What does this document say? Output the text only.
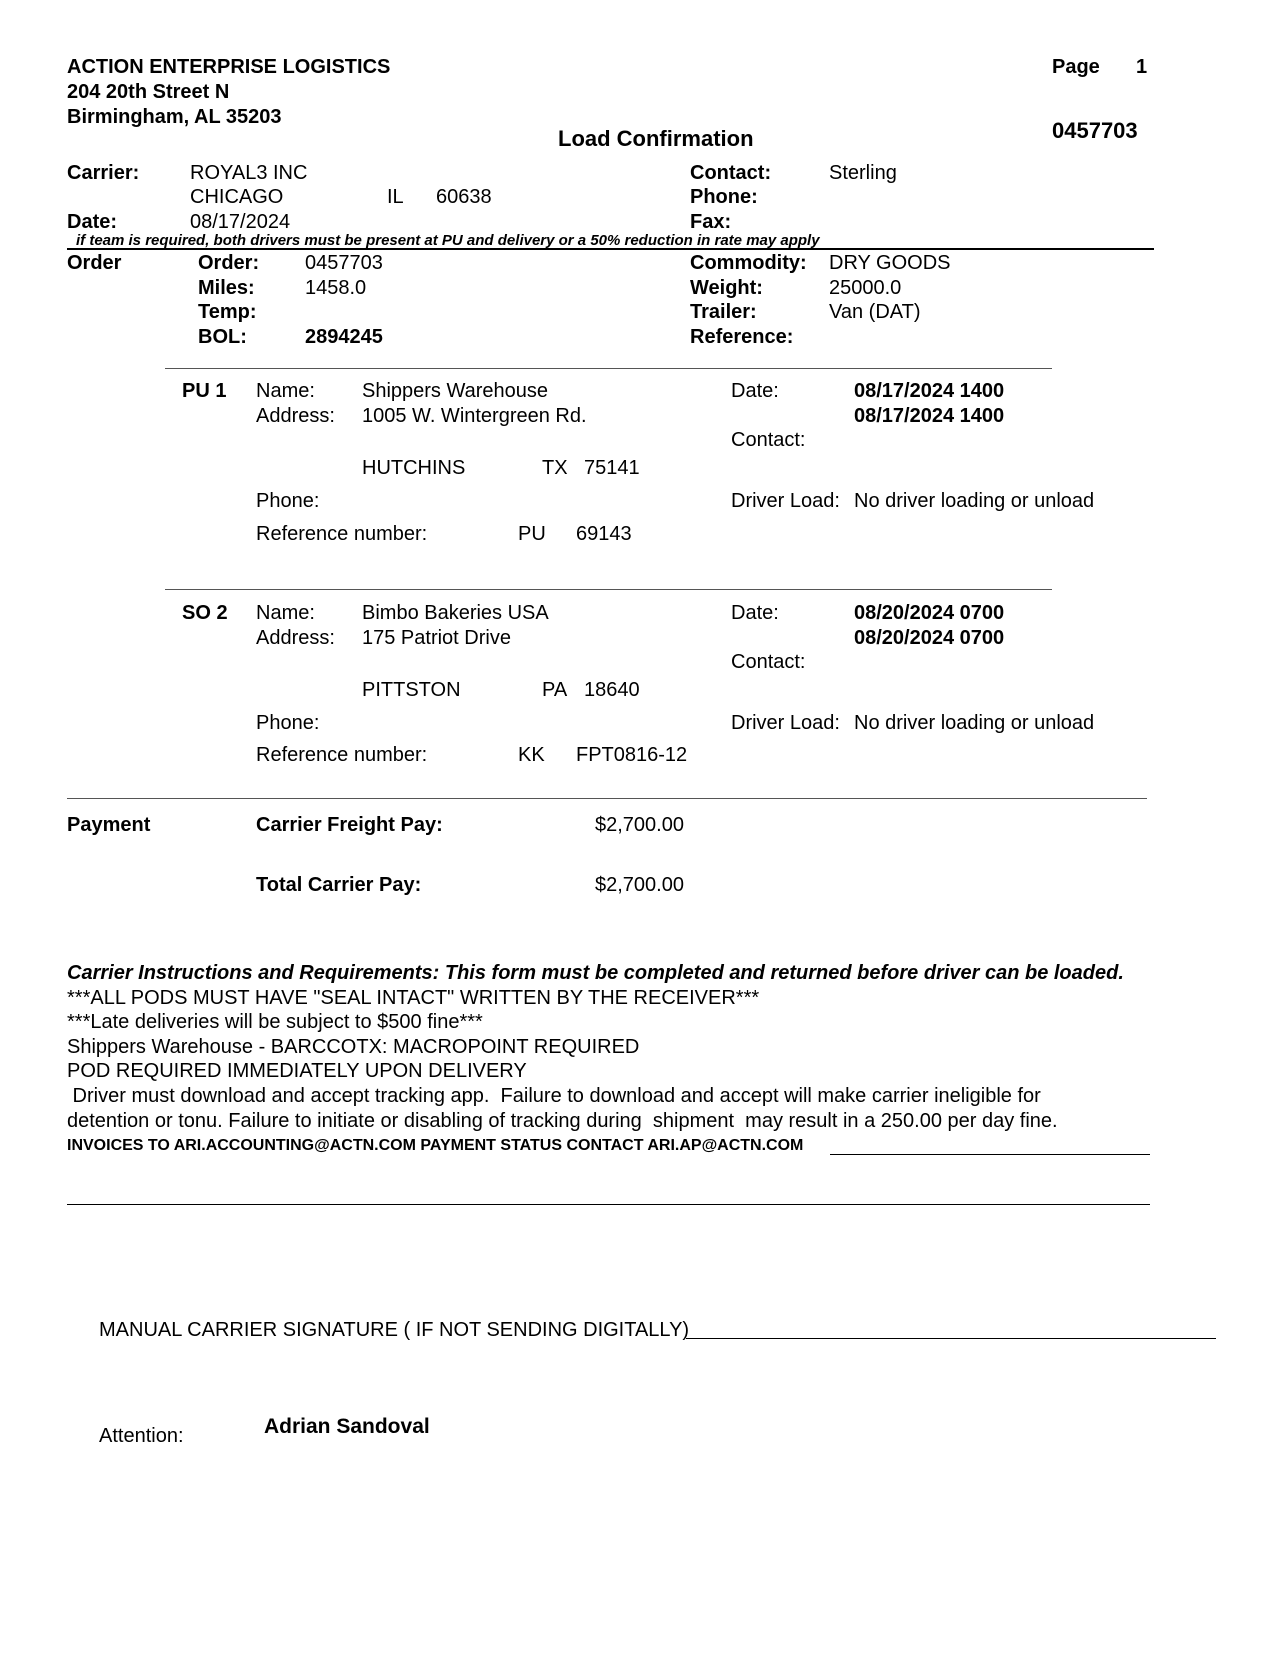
ACTION ENTERPRISE LOGISTICS
204 20th Street N
Birmingham, AL 35203
Page 1
Load Confirmation	0457703
Carrier:	ROYAL3 INC
CHICAGO	IL 60638
Date:	08/17/2024
Contact:	Sterling
Phone:
Fax:
if team is required, both drivers must be present at PU and delivery or a 50% reduction in rate may apply
Order	Order: 0457703
Miles:	1458.0
Temp:
BOL:	2894245
Commodity: DRY GOODS
Weight:	25000.0
Trailer:	Van (DAT)
Reference:
PU 1 Name: Shippers Warehouse
Address: 1005 W. Wintergreen Rd.
HUTCHINS	TX 75141
Phone:
Reference number:	PU 69143
Date:	08/17/2024 1400
08/17/2024 1400
Contact:
Driver Load: No driver loading or unload
SO 2 Name: Bimbo Bakeries USA
Address: 175 Patriot Drive
PITTSTON	PA 18640
Phone:
Reference number:	KK FPT0816-12
Date:	08/20/2024 0700
08/20/2024 0700
Contact:
Driver Load: No driver loading or unload
Payment	Carrier Freight Pay:	$2,700.00
Total Carrier Pay:	$2,700.00
Carrier Instructions and Requirements: This form must be completed and returned before driver can be loaded.
***ALL PODS MUST HAVE "SEAL INTACT" WRITTEN BY THE RECEIVER***
***Late deliveries will be subject to $500 fine***
Shippers Warehouse - BARCCOTX: MACROPOINT REQUIRED
POD REQUIRED IMMEDIATELY UPON DELIVERY
Driver must download and accept tracking app.  Failure to download and accept will make carrier ineligible for
detention or tonu. Failure to initiate or disabling of tracking during  shipment  may result in a 250.00 per day fine.
INVOICES TO ARI.ACCOUNTING@ACTN.COM PAYMENT STATUS CONTACT ARI.AP@ACTN.COM
MANUAL CARRIER SIGNATURE ( IF NOT SENDING DIGITALLY)
Attention:	Adrian Sandoval
